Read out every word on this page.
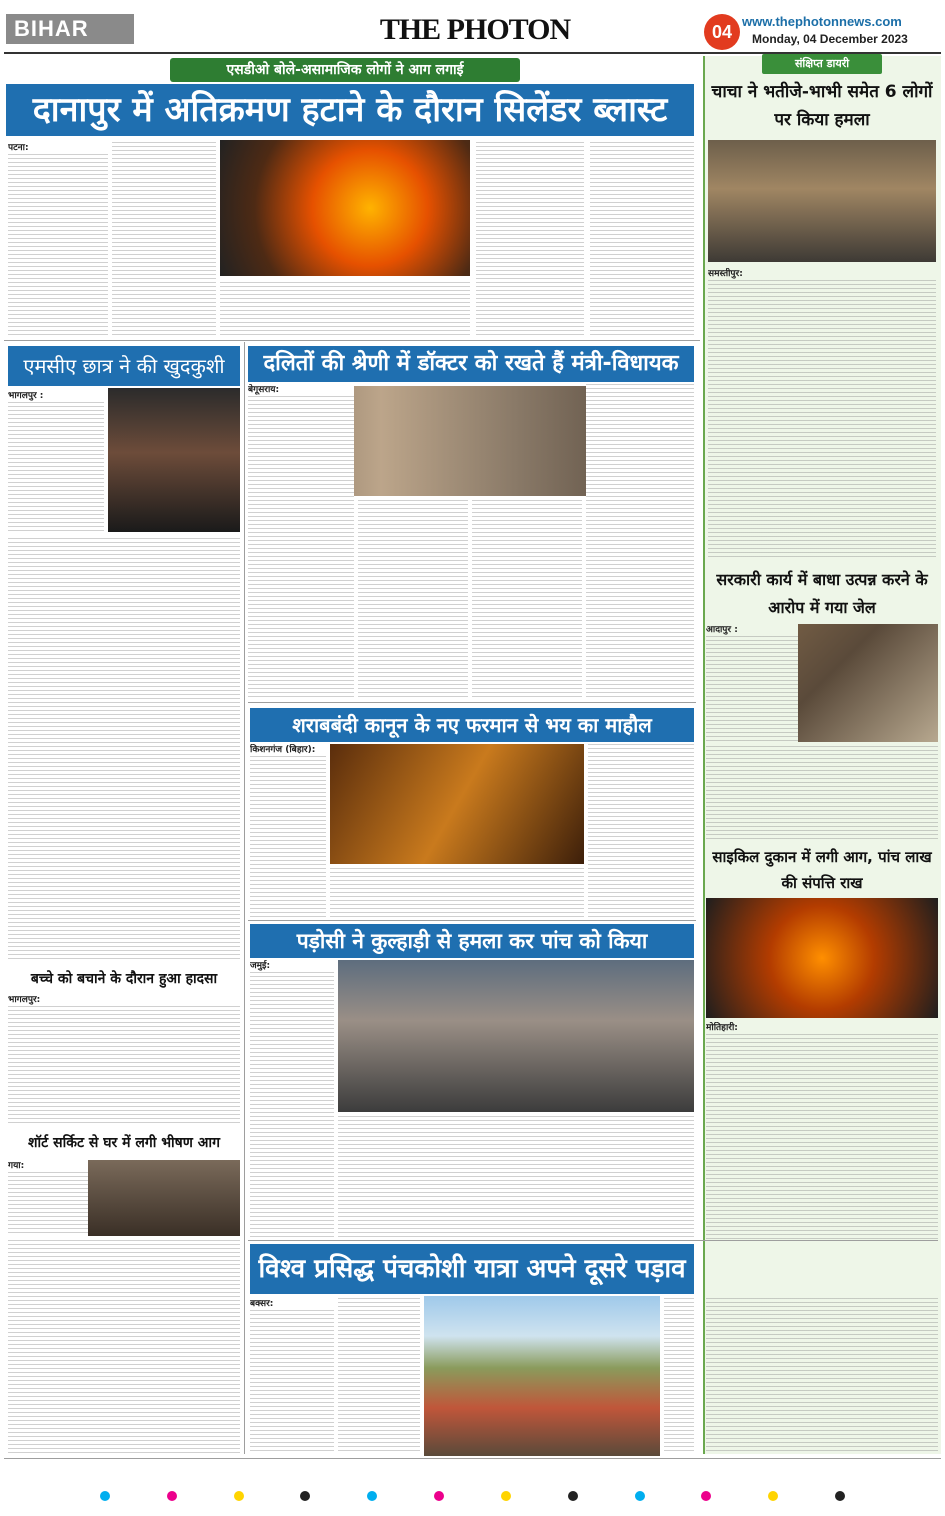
BIHAR	THE PHOTON	04
www.thephotonnews.com
Monday, 04 December 2023
संक्षिप्त डायरी
एसडीओ बोले-असामाजिक लोगों ने आग लगाई
दानापुर में अतिक्रमण हटाने के दौरान सिलेंडर ब्लास्ट
पटना:
चाचा ने भतीजे-भाभी समेत 6 लोगों पर किया हमला
समस्तीपुर:
एमसीए छात्र ने की खुदकुशी
भागलपुर :
दलितों की श्रेणी में डॉक्टर को रखते हैं मंत्री-विधायक
बेगूसराय:
सरकारी कार्य में बाधा उत्पन्न करने के आरोप में गया जेल
आदापुर :
साइकिल दुकान में लगी आग, पांच लाख की संपत्ति राख
मोतिहारी:
शराबबंदी कानून के नए फरमान से भय का माहौल
किशनगंज (बिहार):
पड़ोसी ने कुल्हाड़ी से हमला कर पांच को किया
जमुई:
बच्चे को बचाने के दौरान हुआ हादसा
भागलपुर:
शॉर्ट सर्किट से घर में लगी भीषण आग
गया:
विश्व प्रसिद्ध पंचकोशी यात्रा अपने दूसरे पड़ाव
बक्सर:
